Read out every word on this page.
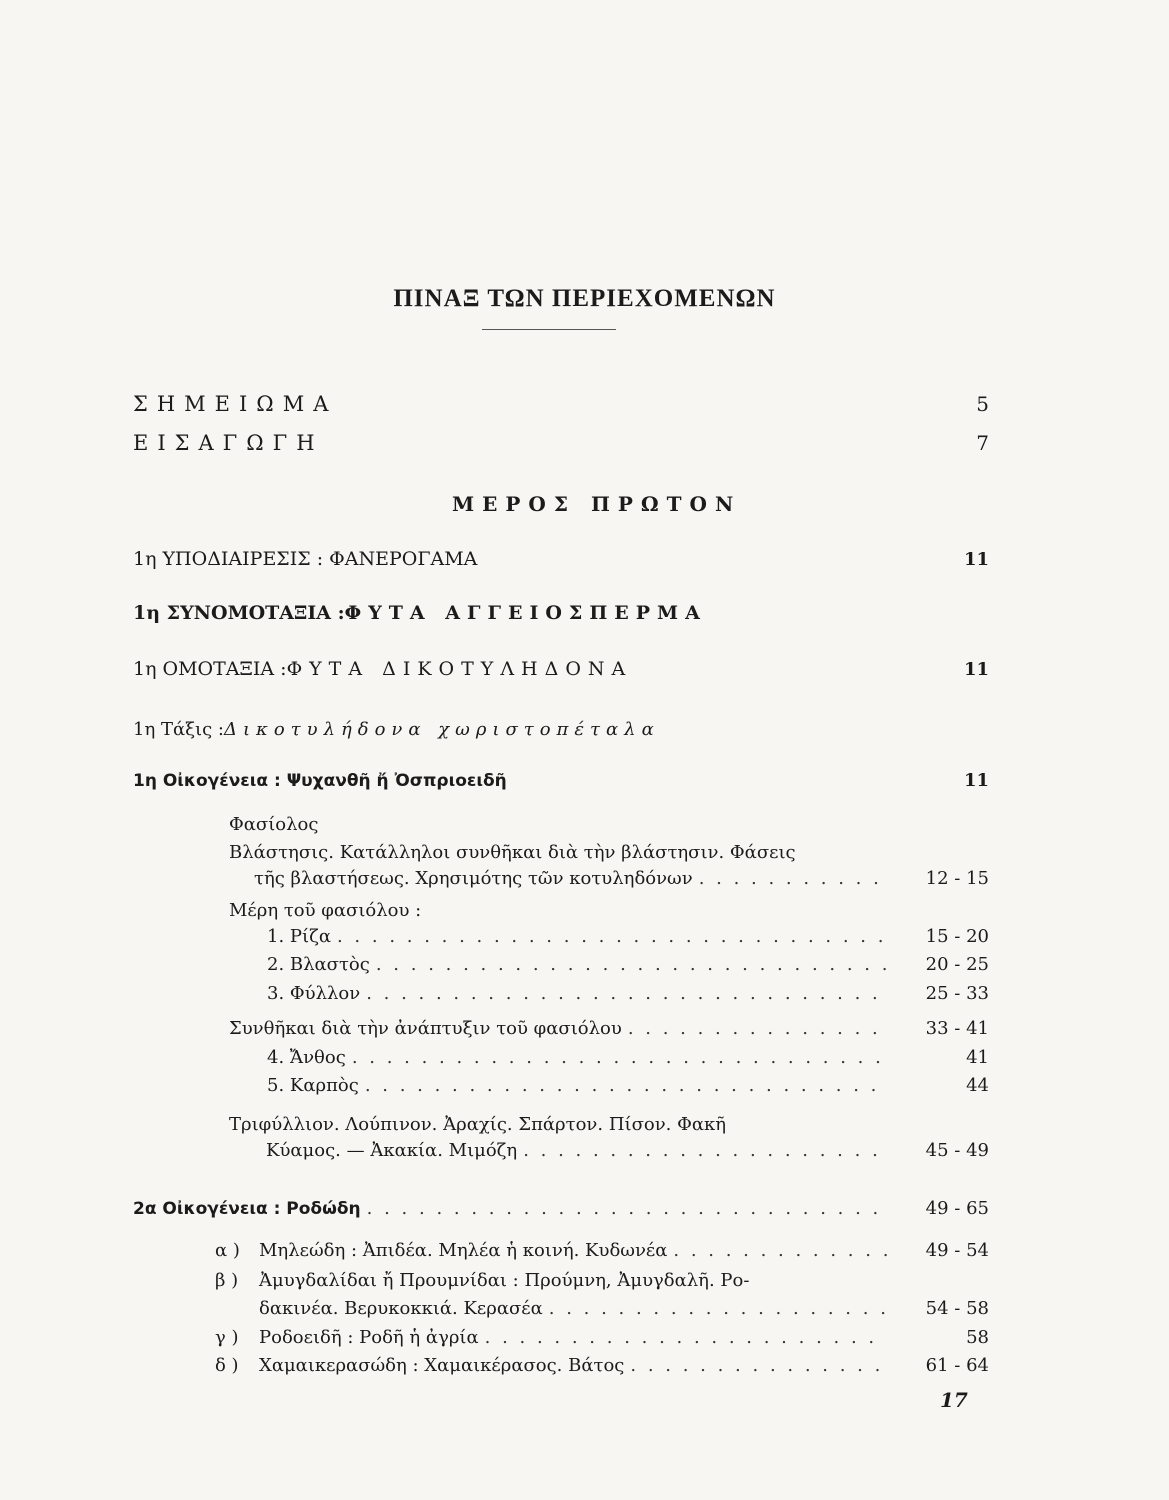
ΠΙΝΑΞ ΤΩΝ ΠΕΡΙΕΧΟΜΕΝΩΝ
ΣΗΜΕΙΩΜΑ	5
ΕΙΣΑΓΩΓΗ	7
ΜΕΡΟΣ ΠΡΩΤΟΝ
1η ΥΠΟΔΙΑΙΡΕΣΙΣ : ΦΑΝΕΡΟΓΑΜΑ	11
1η ΣΥΝΟΜΟΤΑΞΙΑ : ΦΥΤΑ ΑΓΓΕΙΟΣΠΕΡΜΑ
1η ΟΜΟΤΑΞΙΑ : ΦΥΤΑ ΔΙΚΟΤΥΛΗΔΟΝΑ	11
1η Τάξις : Δικοτυλήδονα χωριστοπέταλα
1η Οἰκογένεια : Ψυχανθῆ ἤ Ὀσπριοειδῆ	11
Φασίολος
Βλάστησις. Κατάλληλοι συνθῆκαι διὰ τὴν βλάστησιν. Φάσεις
τῆς βλαστήσεως. Χρησιμότης τῶν κοτυληδόνων . . .	12 - 15
Μέρη τοῦ φασιόλου :
1. Ρίζα . . .	15 - 20
2. Βλαστὸς . . .	20 - 25
3. Φύλλον . . .	25 - 33
Συνθῆκαι διὰ τὴν ἀνάπτυξιν τοῦ φασιόλου . . .	33 - 41
4. Ἄνθος . . .	41
5. Καρπὸς . . .	44
Τριφύλλιον. Λούπινον. Ἀραχίς. Σπάρτον. Πίσον. Φακῆ
Κύαμος. — Ἀκακία. Μιμόζη . . .	45 - 49
2α Οἰκογένεια : Ροδώδη . . .	49 - 65
α )	Μηλεώδη : Ἀπιδέα. Μηλέα ἡ κοινή. Κυδωνέα . . .	49 - 54
β )	Ἀμυγδαλίδαι ἤ Προυμνίδαι : Προύμνη, Ἀμυγδαλῆ. Ρο-
δακινέα. Βερυκοκκιά. Κερασέα . . .	54 - 58
γ )	Ροδοειδῆ : Ροδῆ ἡ ἀγρία . . .	58
δ )	Χαμαικερασώδη : Χαμαικέρασος. Βάτος . . .	61 - 64
17
